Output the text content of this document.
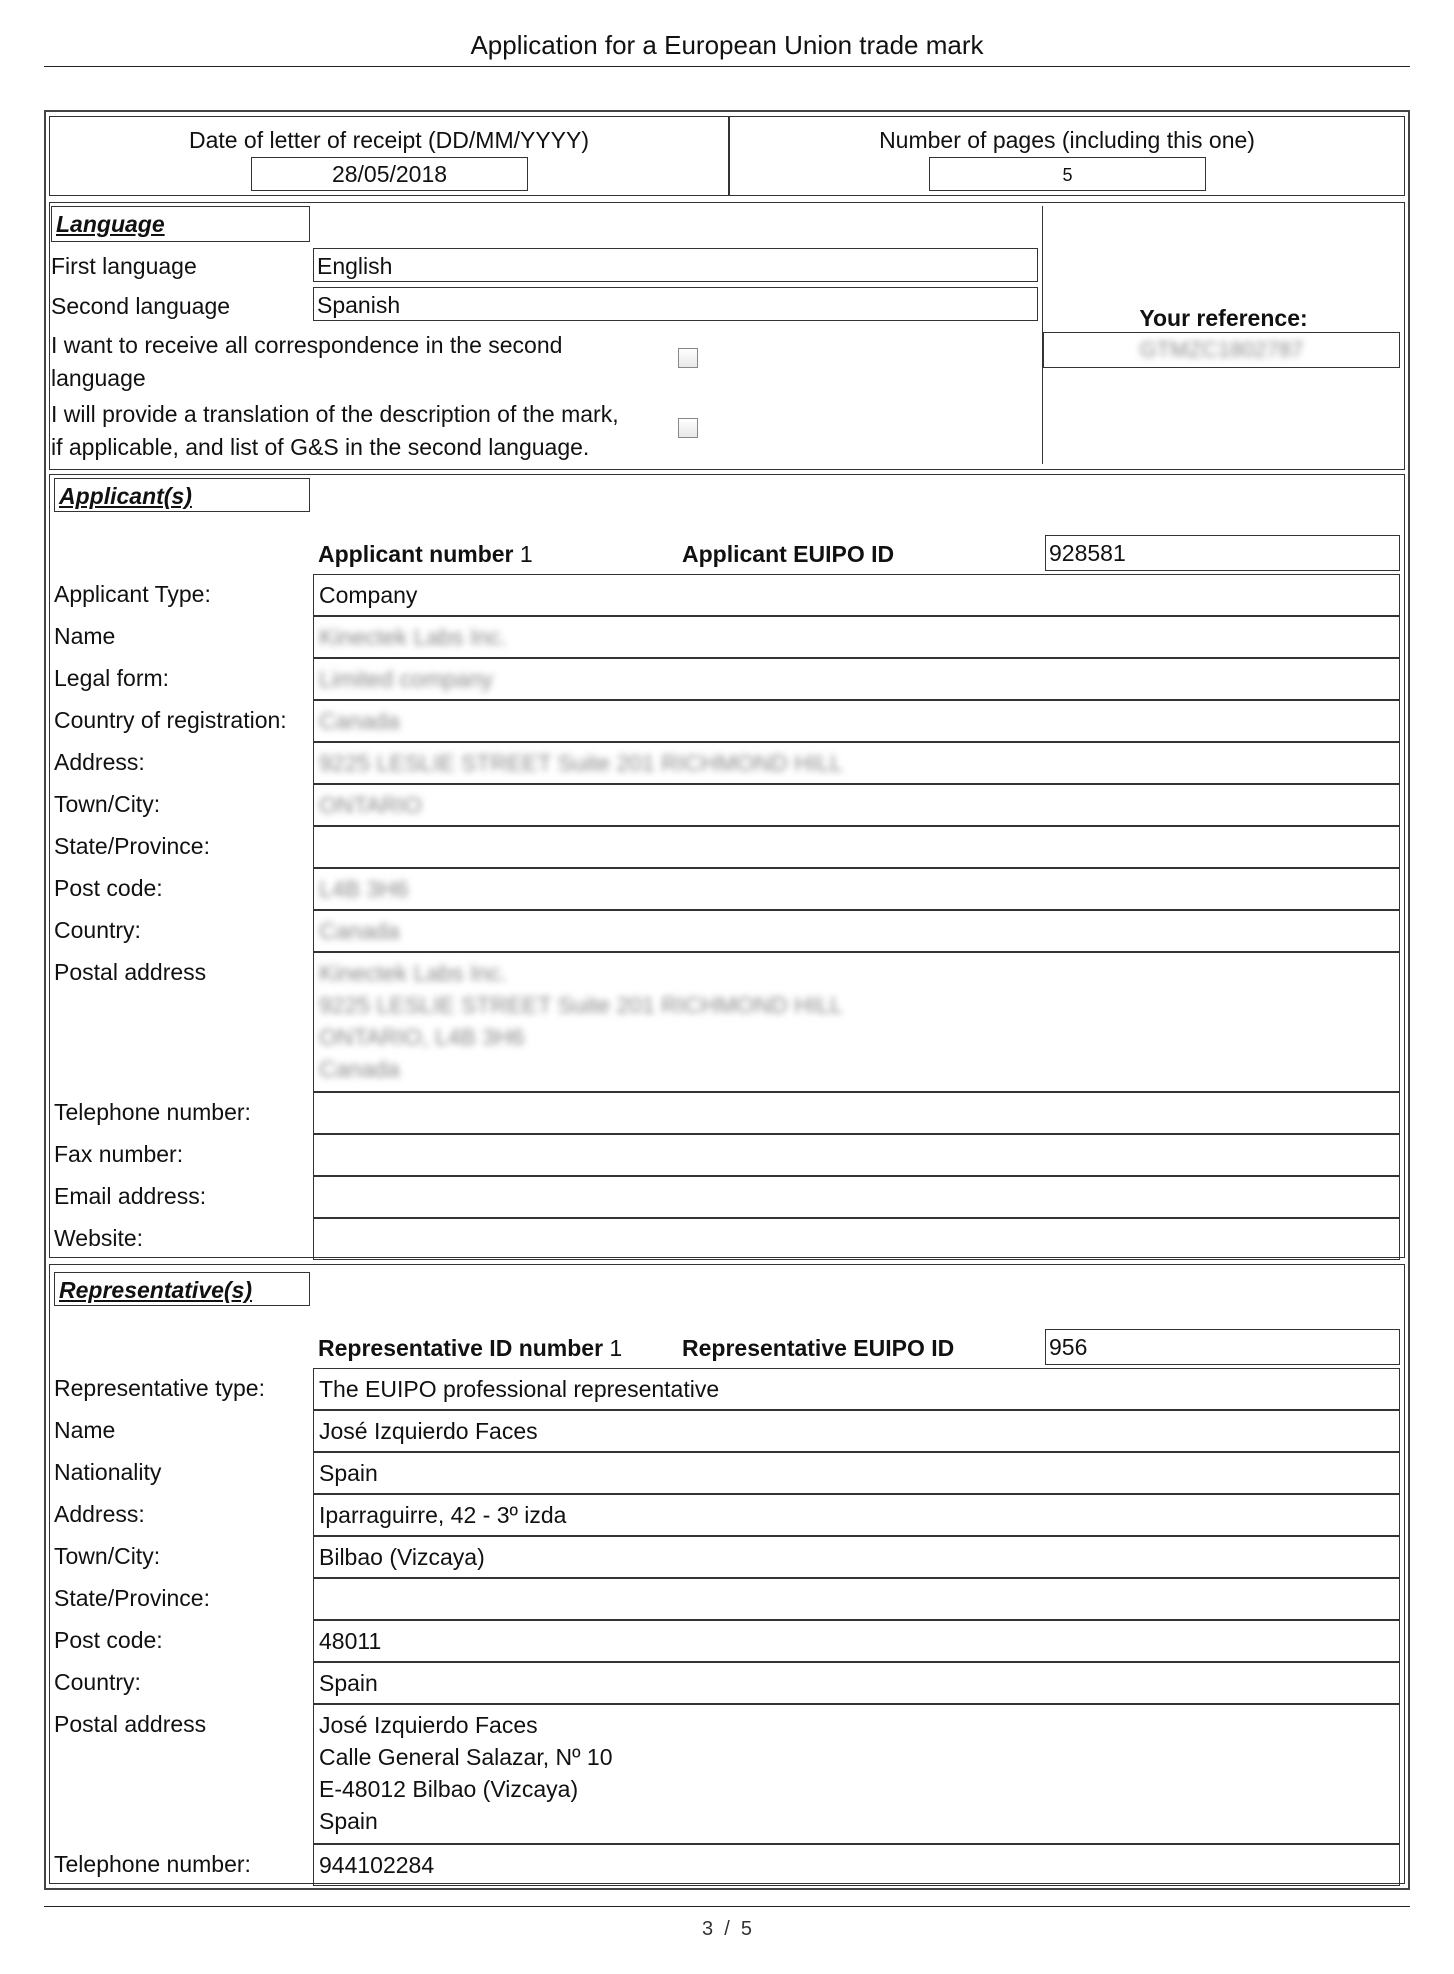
Application for a European Union trade mark
Date of letter of receipt (DD/MM/YYYY)
28/05/2018
Number of pages (including this one)
5
Language
First language	English
Second language	Spanish
I want to receive all correspondence in the second
language
I will provide a translation of the description of the mark,
if applicable, and list of G&S in the second language.
Your reference:
GTMZC1802787
Applicant(s)
Applicant number 1	Applicant EUIPO ID	928581
Applicant Type:	Company
Name	Kinectek Labs Inc.
Legal form:	Limited company
Country of registration: Canada
Address:	9225 LESLIE STREET Suite 201 RICHMOND HILL
Town/City:	ONTARIO
State/Province:
Post code:	L4B 3H6
Country:	Canada
Postal address	Kinectek Labs Inc.
9225 LESLIE STREET Suite 201 RICHMOND HILL
ONTARIO, L4B 3H6
Canada
Telephone number:
Fax number:
Email address:
Website:
Representative(s)
Representative ID number 1	Representative EUIPO ID	956
Representative type: The EUIPO professional representative
Name	José Izquierdo Faces
Nationality	Spain
Address:	Iparraguirre, 42 - 3º izda
Town/City:	Bilbao (Vizcaya)
State/Province:
Post code:	48011
Country:	Spain
Postal address	José Izquierdo Faces
Calle General Salazar, Nº 10
E-48012 Bilbao (Vizcaya)
Spain
Telephone number:	944102284
3 / 5
